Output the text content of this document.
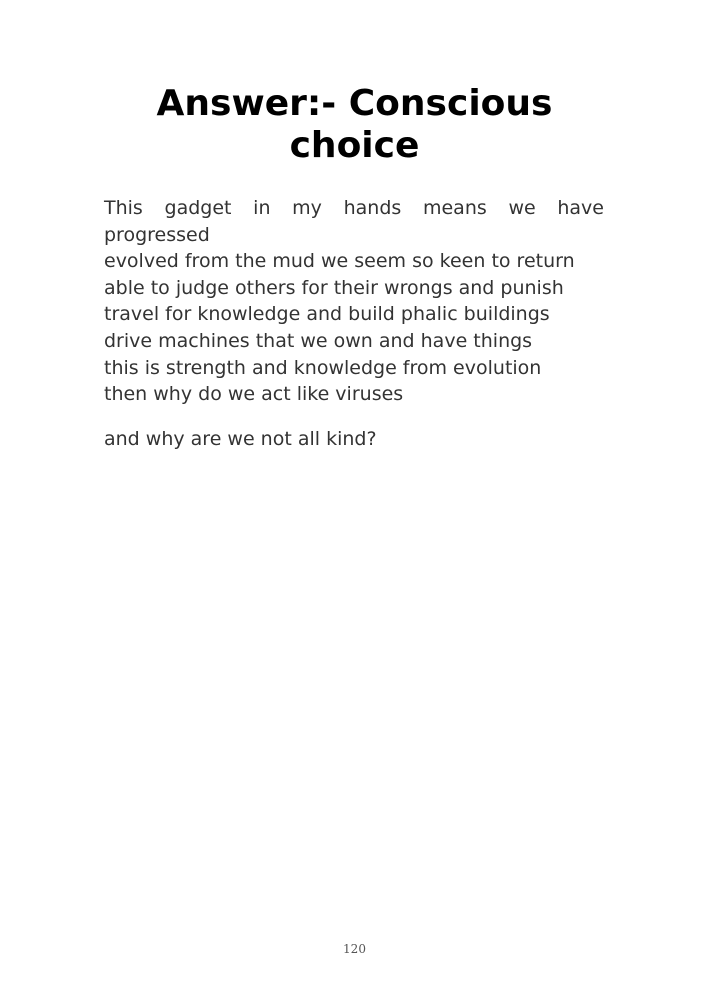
Answer:- Conscious choice
This gadget in my hands means we have
progressed
evolved from the mud we seem so keen to return
able to judge others for their wrongs and punish
travel for knowledge and build phalic buildings
drive machines that we own and have things
this is strength and knowledge from evolution
then why do we act like viruses
and why are we not all kind?
120
